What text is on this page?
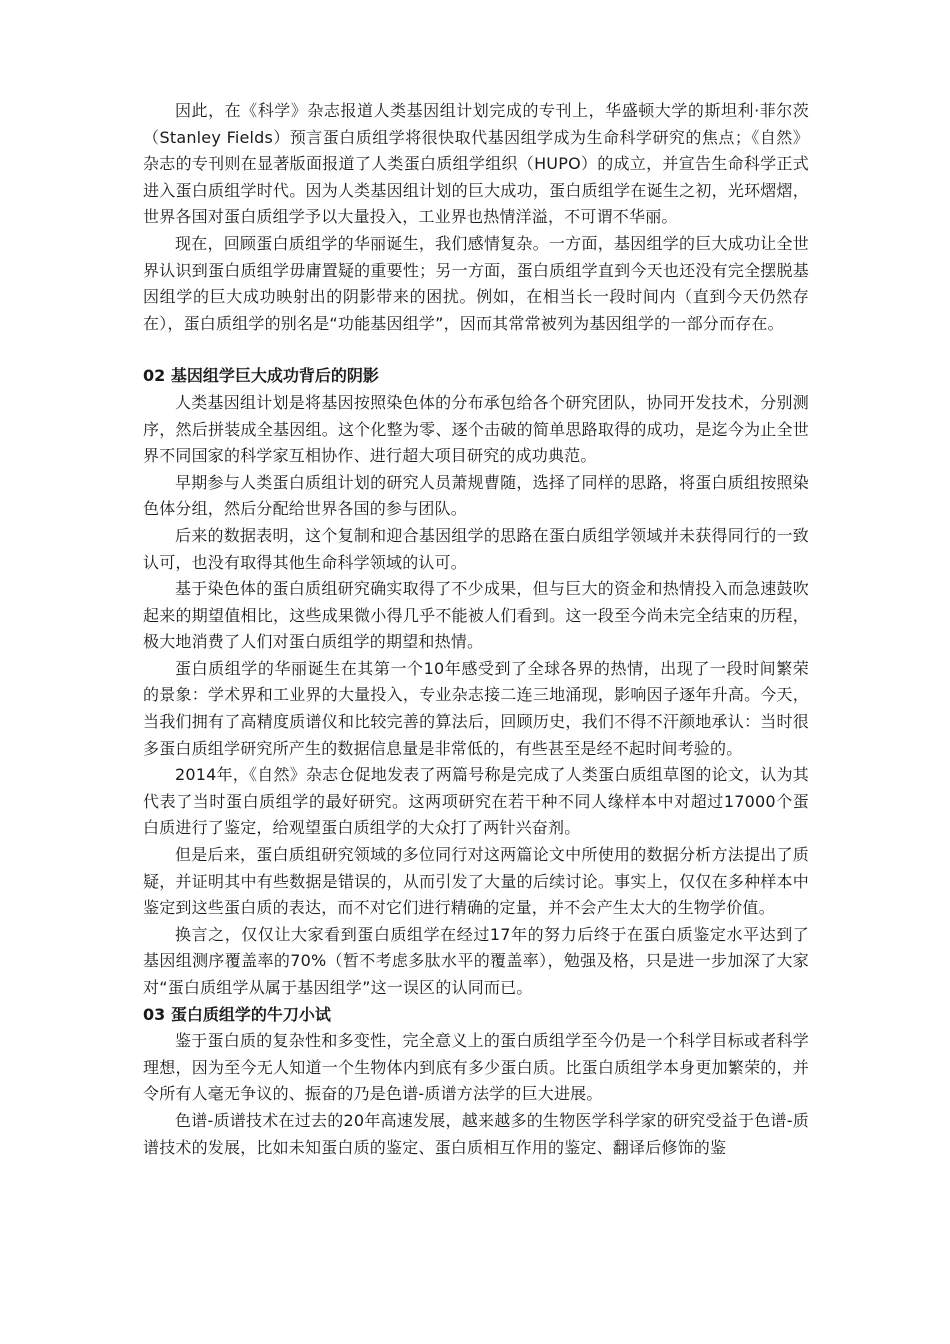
因此，在《科学》杂志报道人类基因组计划完成的专刊上，华盛顿大学的斯坦利·菲尔茨（Stanley Fields）预言蛋白质组学将很快取代基因组学成为生命科学研究的焦点；《自然》杂志的专刊则在显著版面报道了人类蛋白质组学组织（HUPO）的成立，并宣告生命科学正式进入蛋白质组学时代。因为人类基因组计划的巨大成功，蛋白质组学在诞生之初，光环熠熠，世界各国对蛋白质组学予以大量投入，工业界也热情洋溢，不可谓不华丽。

现在，回顾蛋白质组学的华丽诞生，我们感情复杂。一方面，基因组学的巨大成功让全世界认识到蛋白质组学毋庸置疑的重要性；另一方面，蛋白质组学直到今天也还没有完全摆脱基因组学的巨大成功映射出的阴影带来的困扰。例如，在相当长一段时间内（直到今天仍然存在），蛋白质组学的别名是“功能基因组学”，因而其常常被列为基因组学的一部分而存在。

02 基因组学巨大成功背后的阴影

人类基因组计划是将基因按照染色体的分布承包给各个研究团队，协同开发技术，分别测序，然后拼装成全基因组。这个化整为零、逐个击破的简单思路取得的成功，是迄今为止全世界不同国家的科学家互相协作、进行超大项目研究的成功典范。

早期参与人类蛋白质组计划的研究人员萧规曹随，选择了同样的思路，将蛋白质组按照染色体分组，然后分配给世界各国的参与团队。

后来的数据表明，这个复制和迎合基因组学的思路在蛋白质组学领域并未获得同行的一致认可，也没有取得其他生命科学领域的认可。

基于染色体的蛋白质组研究确实取得了不少成果，但与巨大的资金和热情投入而急速鼓吹起来的期望值相比，这些成果微小得几乎不能被人们看到。这一段至今尚未完全结束的历程，极大地消费了人们对蛋白质组学的期望和热情。

蛋白质组学的华丽诞生在其第一个10年感受到了全球各界的热情，出现了一段时间繁荣的景象：学术界和工业界的大量投入，专业杂志接二连三地涌现，影响因子逐年升高。今天，当我们拥有了高精度质谱仪和比较完善的算法后，回顾历史，我们不得不汗颜地承认：当时很多蛋白质组学研究所产生的数据信息量是非常低的，有些甚至是经不起时间考验的。

2014年，《自然》杂志仓促地发表了两篇号称是完成了人类蛋白质组草图的论文，认为其代表了当时蛋白质组学的最好研究。这两项研究在若干种不同人缘样本中对超过17000个蛋白质进行了鉴定，给观望蛋白质组学的大众打了两针兴奋剂。

但是后来，蛋白质组研究领域的多位同行对这两篇论文中所使用的数据分析方法提出了质疑，并证明其中有些数据是错误的，从而引发了大量的后续讨论。事实上，仅仅在多种样本中鉴定到这些蛋白质的表达，而不对它们进行精确的定量，并不会产生太大的生物学价值。

换言之，仅仅让大家看到蛋白质组学在经过17年的努力后终于在蛋白质鉴定水平达到了基因组测序覆盖率的70%（暂不考虑多肽水平的覆盖率），勉强及格，只是进一步加深了大家对“蛋白质组学从属于基因组学”这一误区的认同而已。

03 蛋白质组学的牛刀小试

鉴于蛋白质的复杂性和多变性，完全意义上的蛋白质组学至今仍是一个科学目标或者科学理想，因为至今无人知道一个生物体内到底有多少蛋白质。比蛋白质组学本身更加繁荣的，并令所有人毫无争议的、振奋的乃是色谱-质谱方法学的巨大进展。

色谱-质谱技术在过去的20年高速发展，越来越多的生物医学科学家的研究受益于色谱-质谱技术的发展，比如未知蛋白质的鉴定、蛋白质相互作用的鉴定、翻译后修饰的鉴
